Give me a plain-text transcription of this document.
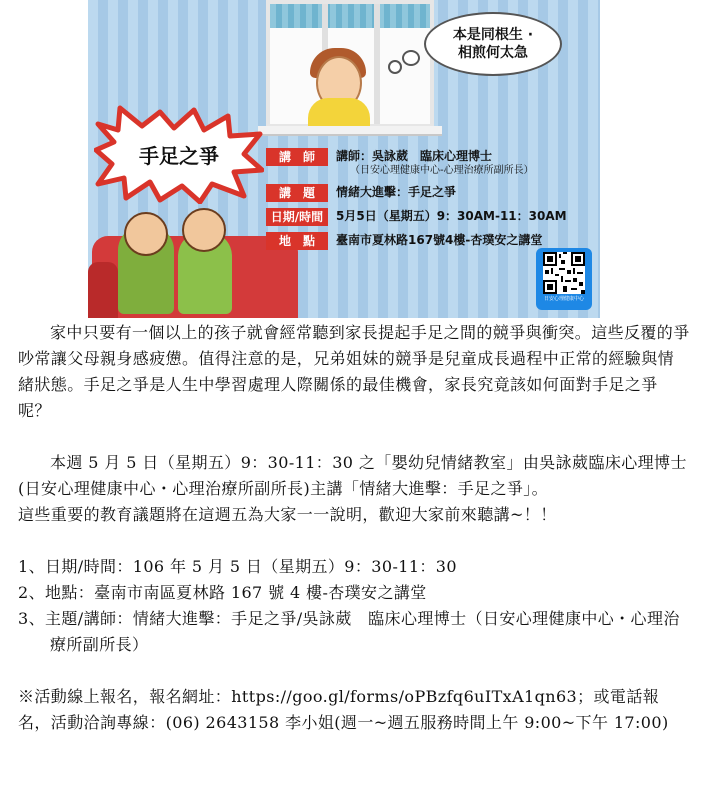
本是同根生 ·
相煎何太急
手足之爭	講　師	講師：吳詠葳　臨床心理博士
（日安心理健康中心-心理治療所副所長）
講　題	情緒大進擊：手足之爭
日期/時間	5月5日（星期五）9：30AM-11：30AM
地　點	臺南市夏林路167號4樓-杏璞安之講堂
日安心理健康中心

家中只要有一個以上的孩子就會經常聽到家長提起手足之間的競爭與衝突。這些反覆的爭吵常讓父母親身感疲憊。值得注意的是，兄弟姐妹的競爭是兒童成長過程中正常的經驗與情緒狀態。手足之爭是人生中學習處理人際關係的最佳機會，家長究竟該如何面對手足之爭呢？

本週 5 月 5 日（星期五）9：30-11：30 之「嬰幼兒情緒教室」由吳詠葳臨床心理博士(日安心理健康中心・心理治療所副所長)主講「情緒大進擊：手足之爭」。

這些重要的教育議題將在這週五為大家一一說明，歡迎大家前來聽講~！！

1、日期/時間：106 年 5 月 5 日（星期五）9：30-11：30

2、地點：臺南市南區夏林路 167 號 4 樓-杏璞安之講堂

3、主題/講師：情緒大進擊：手足之爭/吳詠葳　臨床心理博士（日安心理健康中心・心理治療所副所長）

※活動線上報名，報名網址：https://goo.gl/forms/oPBzfq6uITxA1qn63；或電話報名，活動洽詢專線：(06) 2643158 李小姐(週一~週五服務時間上午 9:00~下午 17:00)
